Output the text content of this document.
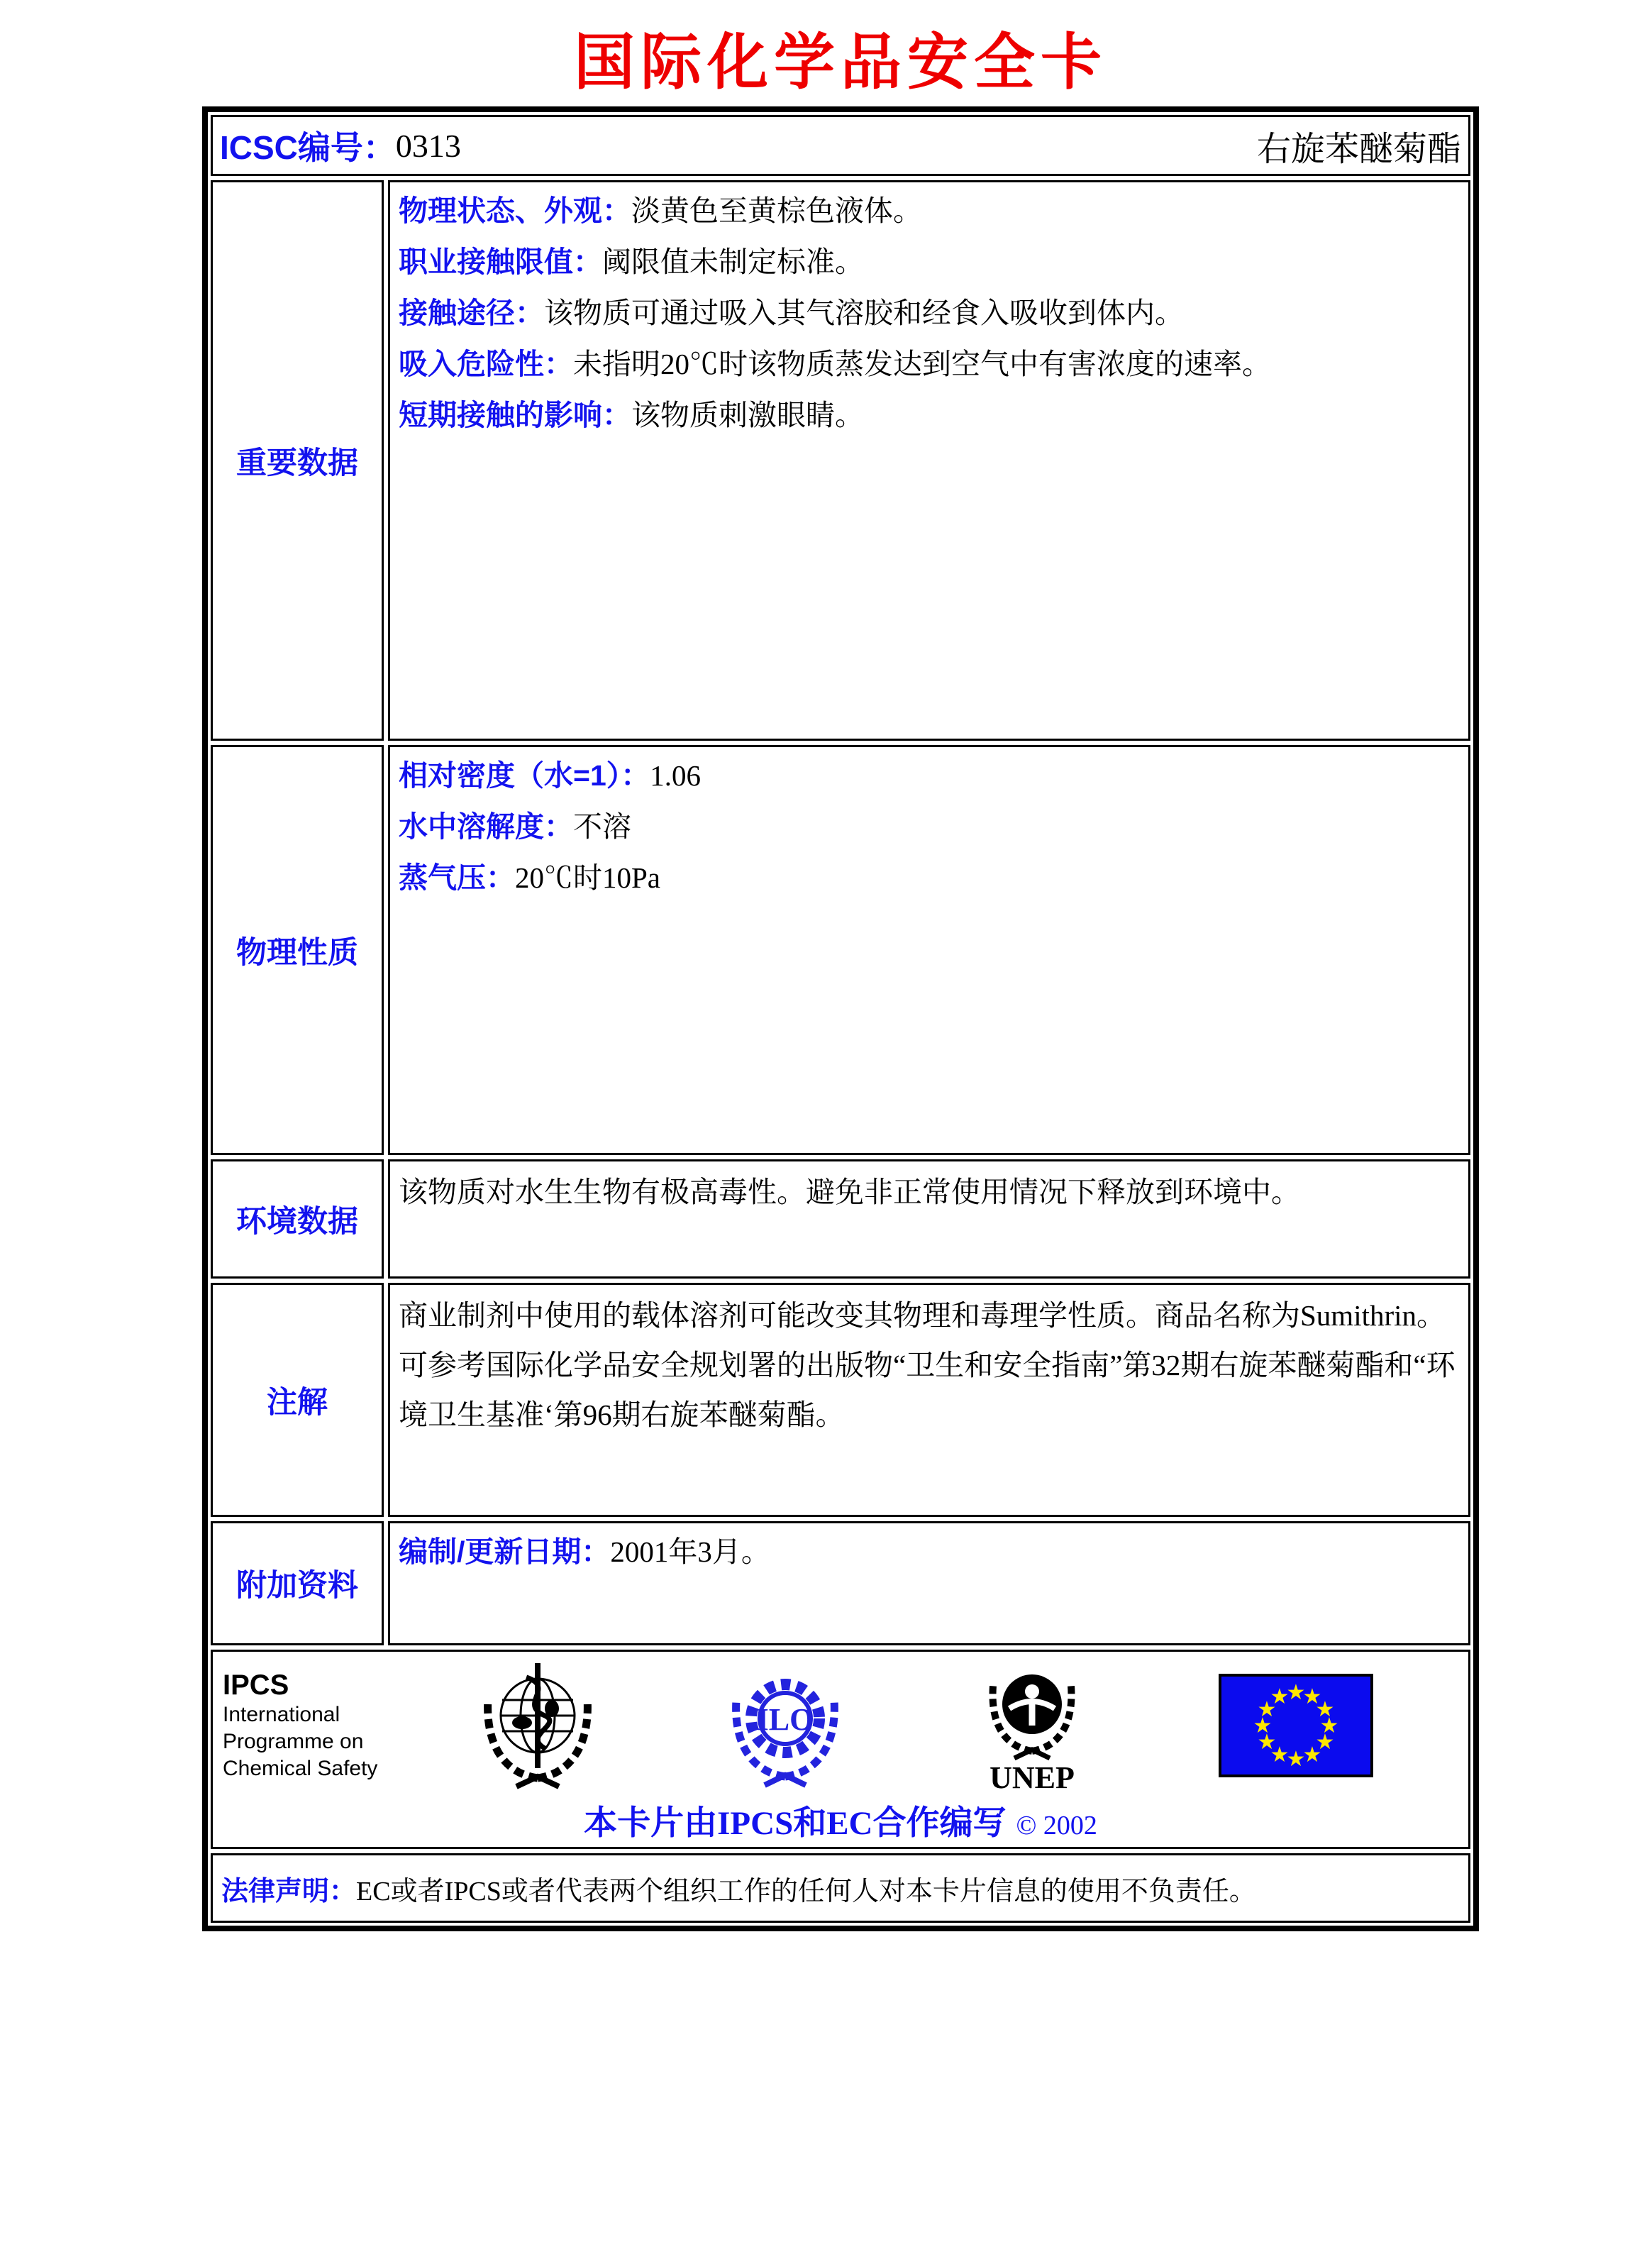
国际化学品安全卡
ICSC编号： 0313	右旋苯醚菊酯
重要数据

物理状态、外观：淡黄色至黄棕色液体。

职业接触限值：阈限值未制定标准。

接触途径：该物质可通过吸入其气溶胶和经食入吸收到体内。

吸入危险性：未指明20℃时该物质蒸发达到空气中有害浓度的速率。

短期接触的影响：该物质刺激眼睛。

物理性质

相对密度（水=1）：1.06

水中溶解度：不溶

蒸气压：20℃时10Pa

环境数据

该物质对水生生物有极高毒性。避免非正常使用情况下释放到环境中。

注解

商业制剂中使用的载体溶剂可能改变其物理和毒理学性质。商品名称为Sumithrin。可参考国际化学品安全规划署的出版物“卫生和安全指南”第32期右旋苯醚菊酯和“环境卫生基准‘第96期右旋苯醚菊酯。

附加资料

编制/更新日期：2001年3月。

IPCS
International
Programme on
Chemical Safety
ILO
UNEP
★
★
★
★
★
★
★
★
★
★
★
★
本卡片由IPCS和EC合作编写 © 2002
法律声明： EC或者IPCS或者代表两个组织工作的任何人对本卡片信息的使用不负责任。
